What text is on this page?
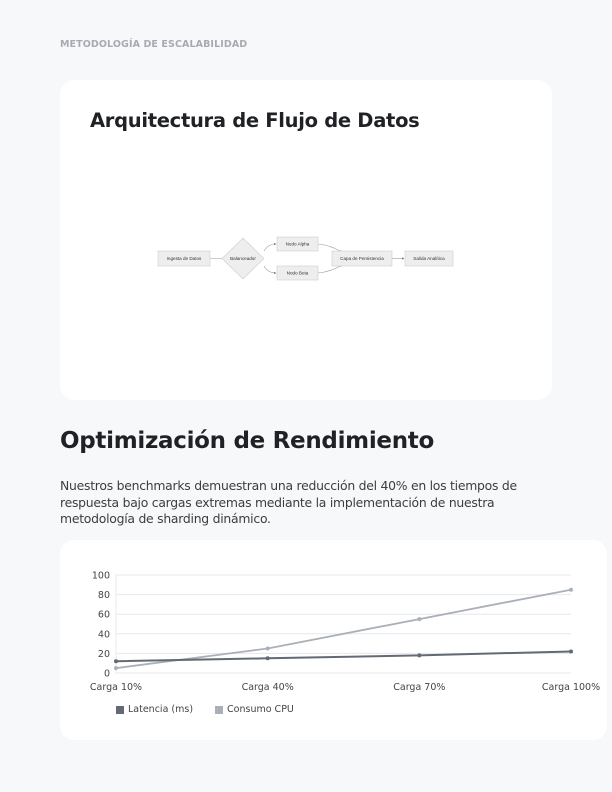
METODOLOGÍA DE ESCALABILIDAD
Arquitectura de Flujo de Datos
Ingesta de Datos	Balanceador
Nodo Alpha
Nodo Beta
Capa de Persistencia	Salida Analítica
Optimización de Rendimiento

Nuestros benchmarks demuestran una reducción del 40% en los tiempos de respuesta bajo cargas extremas mediante la implementación de nuestra metodología de sharding dinámico.

0
20
40
60
80
100
Carga 10%	Carga 40%	Carga 70%	Carga 100%
Latencia (ms)	Consumo CPU
